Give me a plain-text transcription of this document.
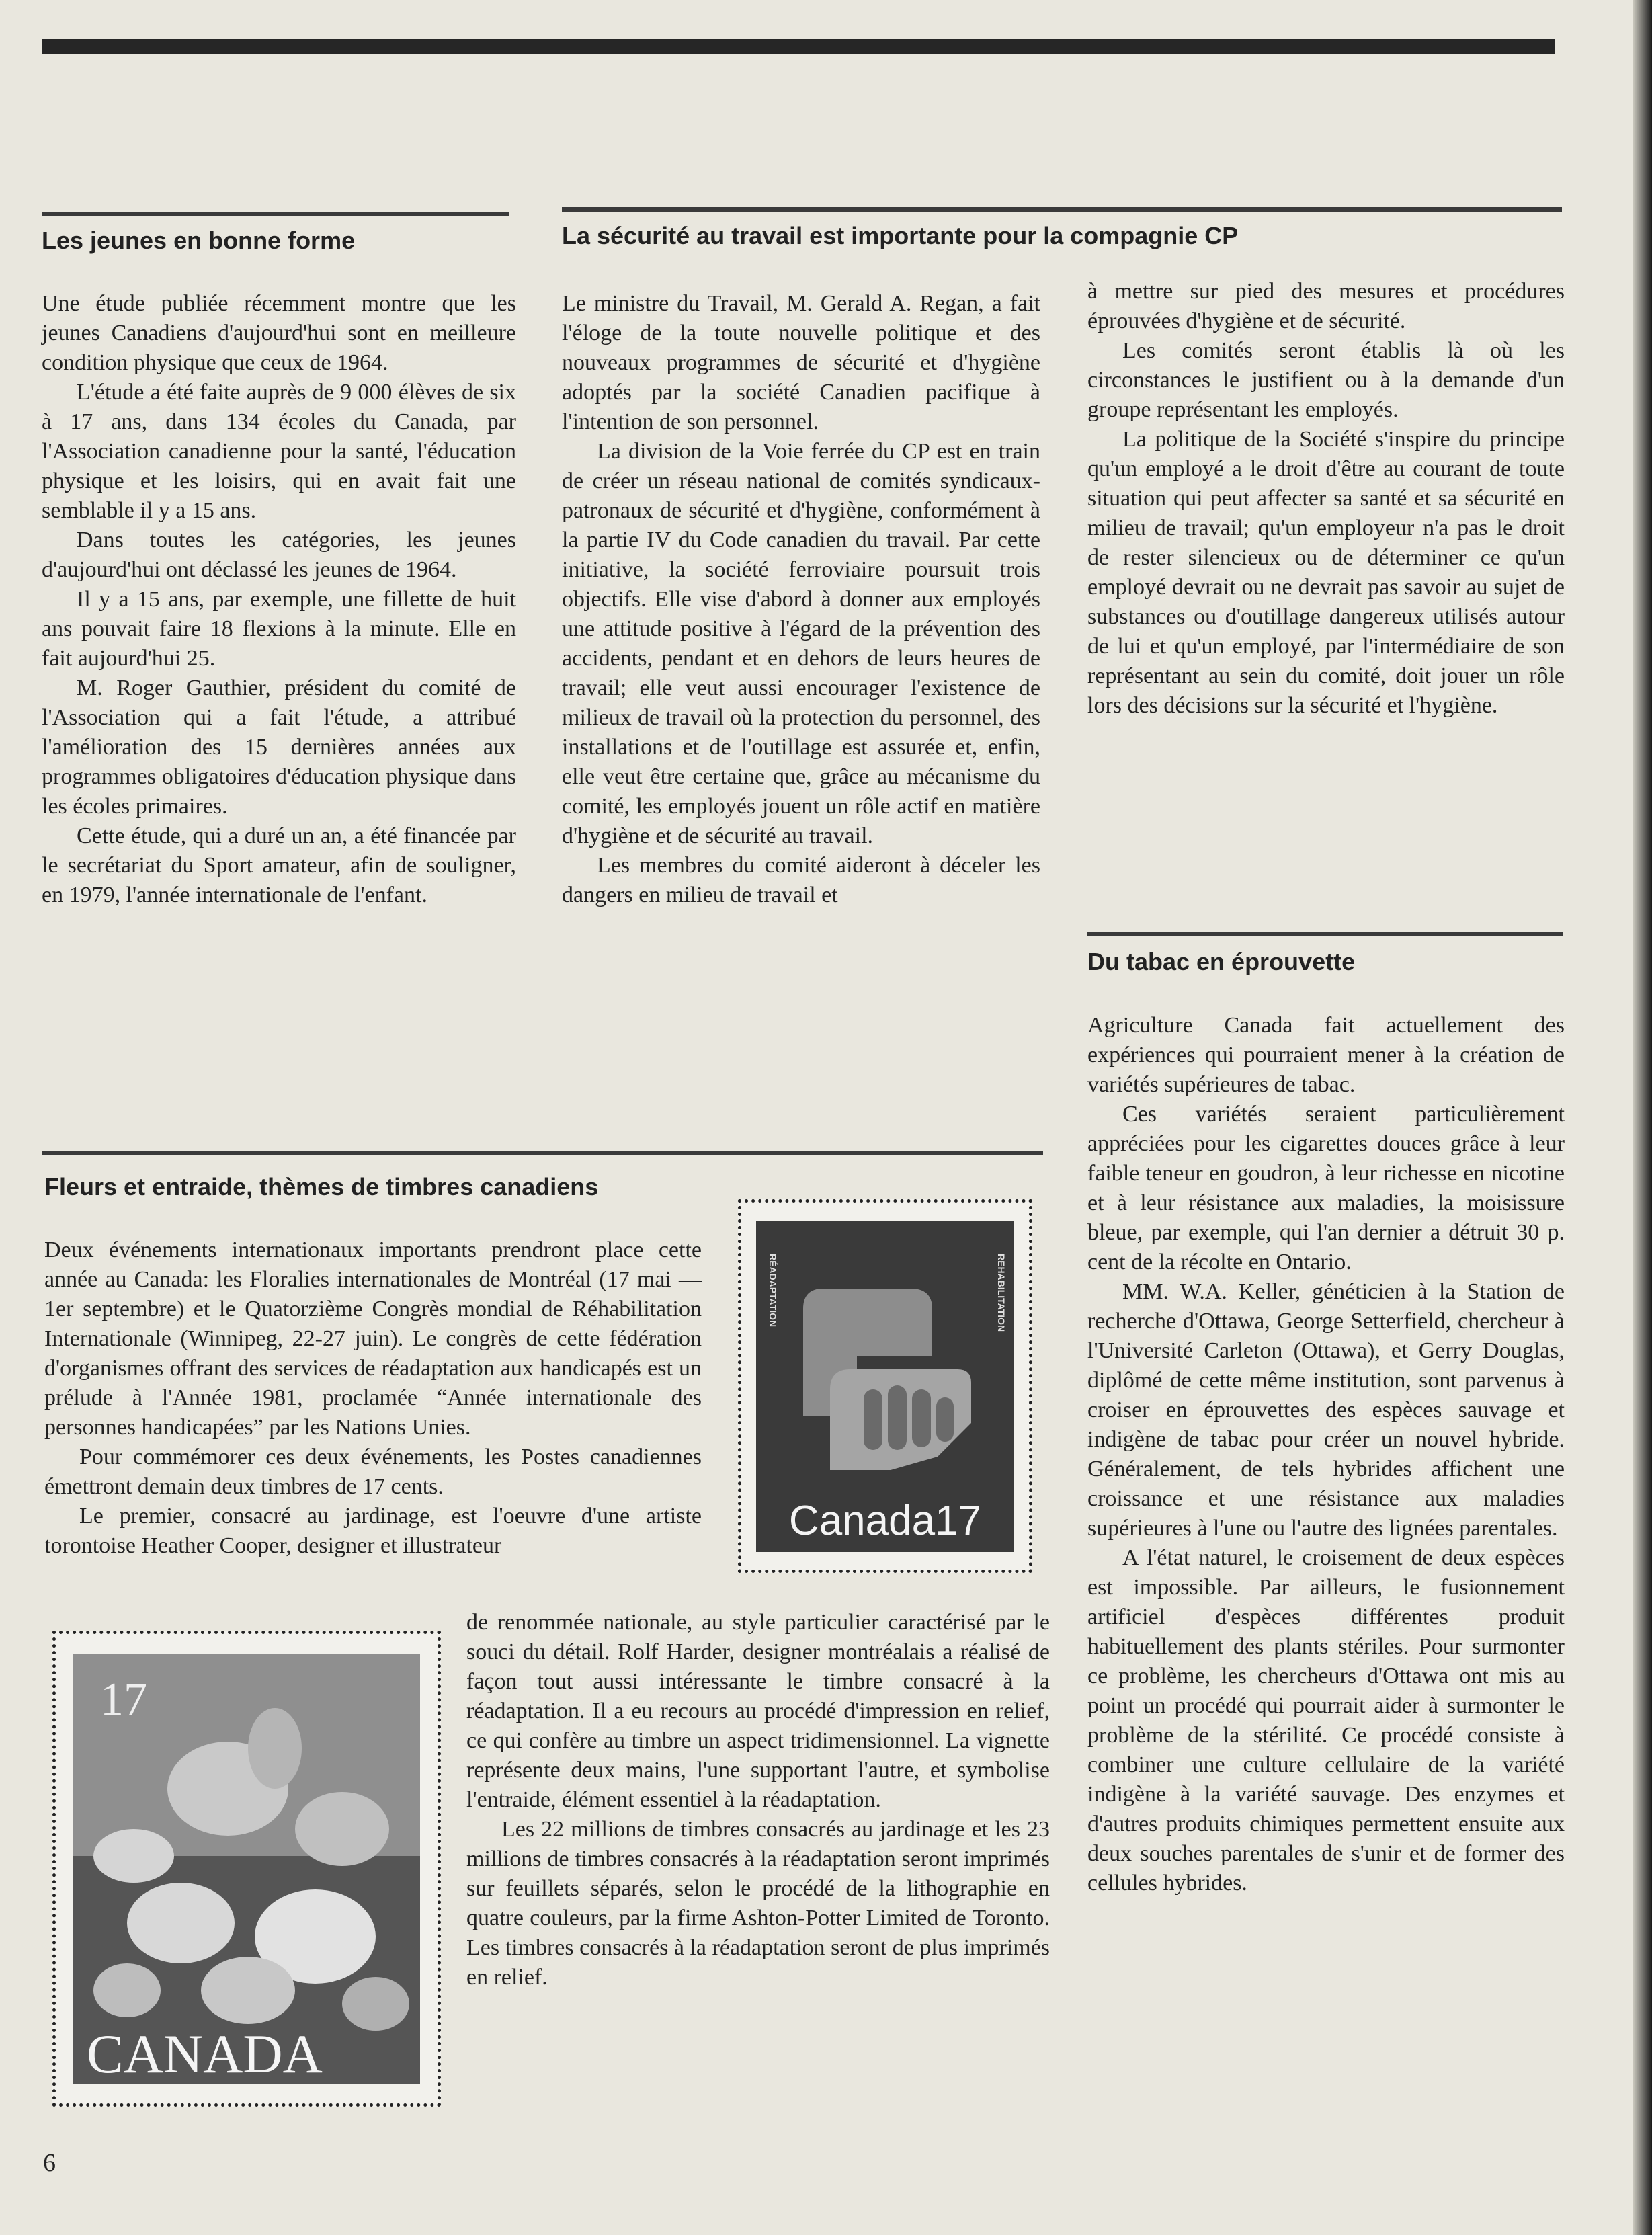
Les jeunes en bonne forme

Une étude publiée récemment montre que les jeunes Canadiens d'aujourd'hui sont en meilleure condition physique que ceux de 1964.

L'étude a été faite auprès de 9 000 élèves de six à 17 ans, dans 134 écoles du Canada, par l'Association canadienne pour la santé, l'éducation physique et les loisirs, qui en avait fait une semblable il y a 15 ans.

Dans toutes les catégories, les jeunes d'aujourd'hui ont déclassé les jeunes de 1964.

Il y a 15 ans, par exemple, une fillette de huit ans pouvait faire 18 flexions à la minute. Elle en fait aujourd'hui 25.

M. Roger Gauthier, président du comité de l'Association qui a fait l'étude, a attribué l'amélioration des 15 dernières années aux programmes obligatoires d'éducation physique dans les écoles primaires.

Cette étude, qui a duré un an, a été financée par le secrétariat du Sport amateur, afin de souligner, en 1979, l'année internationale de l'enfant.

La sécurité au travail est importante pour la compagnie CP

Le ministre du Travail, M. Gerald A. Regan, a fait l'éloge de la toute nouvelle politique et des nouveaux programmes de sécurité et d'hygiène adoptés par la société Canadien pacifique à l'intention de son personnel.

La division de la Voie ferrée du CP est en train de créer un réseau national de comités syndicaux-patronaux de sécurité et d'hygiène, conformément à la partie IV du Code canadien du travail. Par cette initiative, la société ferroviaire poursuit trois objectifs. Elle vise d'abord à donner aux employés une attitude positive à l'égard de la prévention des accidents, pendant et en dehors de leurs heures de travail; elle veut aussi encourager l'existence de milieux de travail où la protection du personnel, des installations et de l'outillage est assurée et, enfin, elle veut être certaine que, grâce au mécanisme du comité, les employés jouent un rôle actif en matière d'hygiène et de sécurité au travail.

Les membres du comité aideront à déceler les dangers en milieu de travail et

à mettre sur pied des mesures et procédures éprouvées d'hygiène et de sécurité.

Les comités seront établis là où les circonstances le justifient ou à la demande d'un groupe représentant les employés.

La politique de la Société s'inspire du principe qu'un employé a le droit d'être au courant de toute situation qui peut affecter sa santé et sa sécurité en milieu de travail; qu'un employeur n'a pas le droit de rester silencieux ou de déterminer ce qu'un employé devrait ou ne devrait pas savoir au sujet de substances ou d'outillage dangereux utilisés autour de lui et qu'un employé, par l'intermédiaire de son représentant au sein du comité, doit jouer un rôle lors des décisions sur la sécurité et l'hygiène.

Du tabac en éprouvette

Agriculture Canada fait actuellement des expériences qui pourraient mener à la création de variétés supérieures de tabac.

Ces variétés seraient particulièrement appréciées pour les cigarettes douces grâce à leur faible teneur en goudron, à leur richesse en nicotine et à leur résistance aux maladies, la moisissure bleue, par exemple, qui l'an dernier a détruit 30 p. cent de la récolte en Ontario.

MM. W.A. Keller, généticien à la Station de recherche d'Ottawa, George Setterfield, chercheur à l'Université Carleton (Ottawa), et Gerry Douglas, diplômé de cette même institution, sont parvenus à croiser en éprouvettes des espèces sauvage et indigène de tabac pour créer un nouvel hybride. Généralement, de tels hybrides affichent une croissance et une résistance aux maladies supérieures à l'une ou l'autre des lignées parentales.

A l'état naturel, le croisement de deux espèces est impossible. Par ailleurs, le fusionnement artificiel d'espèces différentes produit habituellement des plants stériles. Pour surmonter ce problème, les chercheurs d'Ottawa ont mis au point un procédé qui pourrait aider à surmonter le problème de la stérilité. Ce procédé consiste à combiner une culture cellulaire de la variété indigène à la variété sauvage. Des enzymes et d'autres produits chimiques permettent ensuite aux deux souches parentales de s'unir et de former des cellules hybrides.

Fleurs et entraide, thèmes de timbres canadiens

Deux événements internationaux importants prendront place cette année au Canada: les Floralies internationales de Montréal (17 mai — 1er septembre) et le Quatorzième Congrès mondial de Réhabilitation Internationale (Winnipeg, 22-27 juin). Le congrès de cette fédération d'organismes offrant des services de réadaptation aux handicapés est un prélude à l'Année 1981, proclamée “Année internationale des personnes handicapées” par les Nations Unies.

Pour commémorer ces deux événements, les Postes canadiennes émettront demain deux timbres de 17 cents.

Le premier, consacré au jardinage, est l'oeuvre d'une artiste torontoise Heather Cooper, designer et illustrateur

de renommée nationale, au style particulier caractérisé par le souci du détail. Rolf Harder, designer montréalais a réalisé de façon tout aussi intéressante le timbre consacré à la réadaptation. Il a eu recours au procédé d'impression en relief, ce qui confère au timbre un aspect tridimensionnel. La vignette représente deux mains, l'une supportant l'autre, et symbolise l'entraide, élément essentiel à la réadaptation.

Les 22 millions de timbres consacrés au jardinage et les 23 millions de timbres consacrés à la réadaptation seront imprimés sur feuillets séparés, selon le procédé de la lithographie en quatre couleurs, par la firme Ashton-Potter Limited de Toronto. Les timbres consacrés à la réadaptation seront de plus imprimés en relief.

RÉADAPTATION	REHABILITATION
Canada17
17
CANADA
6
